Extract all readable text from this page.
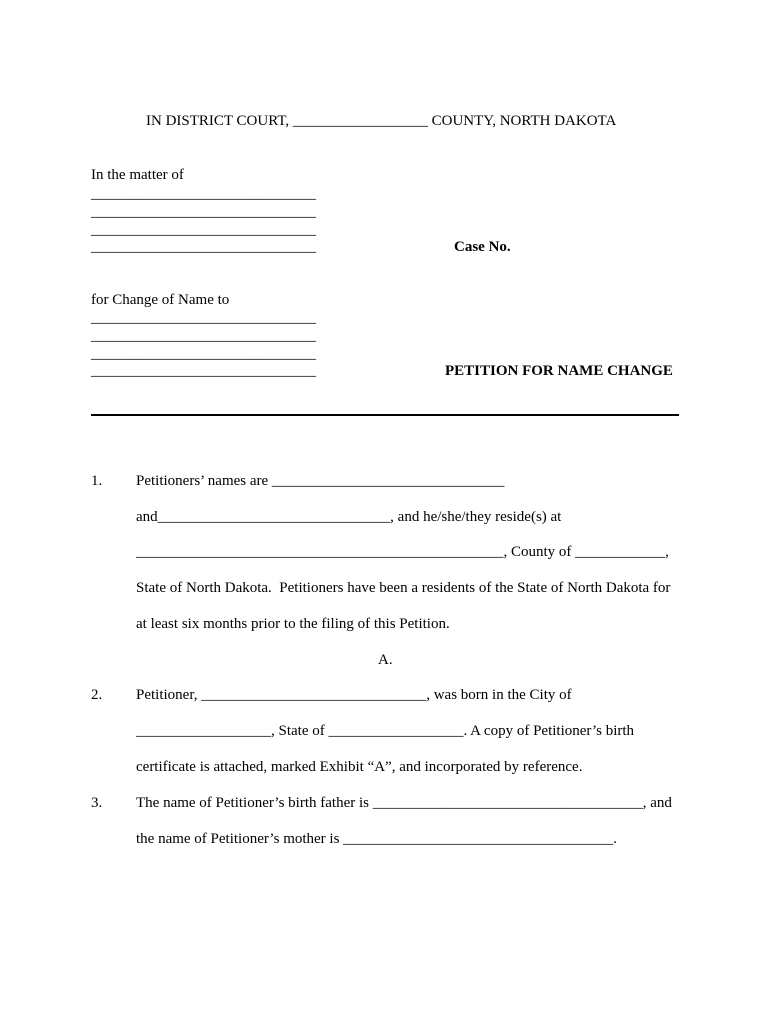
IN DISTRICT COURT, __________________ COUNTY, NORTH DAKOTA
In the matter of
______________________________
______________________________
______________________________
______________________________	Case No.
for Change of Name to
______________________________
______________________________
______________________________
______________________________	PETITION FOR NAME CHANGE
1. Petitioners’ names are _______________________________
and_______________________________, and he/she/they reside(s) at
_________________________________________________, County of ____________,
State of North Dakota.  Petitioners have been a residents of the State of North Dakota for
at least six months prior to the filing of this Petition.
A.
2. Petitioner, ______________________________, was born in the City of
__________________, State of __________________. A copy of Petitioner’s birth
certificate is attached, marked Exhibit “A”, and incorporated by reference.
3. The name of Petitioner’s birth father is ____________________________________, and
the name of Petitioner’s mother is ____________________________________.
